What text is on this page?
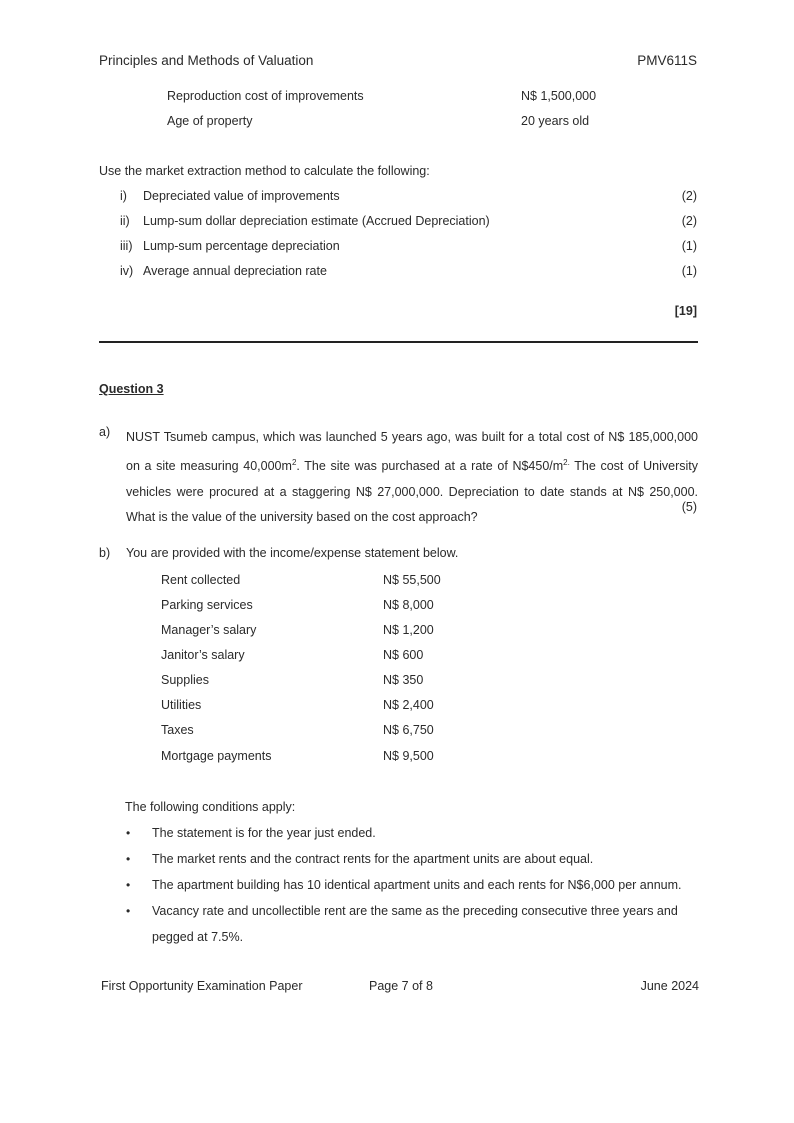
Principles and Methods of Valuation	PMV611S
Reproduction cost of improvements	N$ 1,500,000
Age of property	20 years old
Use the market extraction method to calculate the following:
i) Depreciated value of improvements	(2)
ii) Lump-sum dollar depreciation estimate (Accrued Depreciation)	(2)
iii) Lump-sum percentage depreciation	(1)
iv) Average annual depreciation rate	(1)
[19]
Question 3
a) NUST Tsumeb campus, which was launched 5 years ago, was built for a total cost of N$ 185,000,000 on a site measuring $40,000m^2$. The site was purchased at a rate of $N\$450/m^{2.}$ The cost of University vehicles were procured at a staggering N$ 27,000,000. Depreciation to date stands at N$ 250,000. What is the value of the university based on the cost approach?
(5)
b) You are provided with the income/expense statement below.
Rent collected	N$ 55,500
Parking services	N$ 8,000
Manager’s salary	N$ 1,200
Janitor’s salary	N$ 600
Supplies	N$ 350
Utilities	N$ 2,400
Taxes	N$ 6,750
Mortgage payments	N$ 9,500
The following conditions apply:
• The statement is for the year just ended.
• The market rents and the contract rents for the apartment units are about equal.
• The apartment building has 10 identical apartment units and each rents for N$6,000 per annum.
• Vacancy rate and uncollectible rent are the same as the preceding consecutive three years and
pegged at 7.5%.
First Opportunity Examination Paper	Page 7 of 8	June 2024
